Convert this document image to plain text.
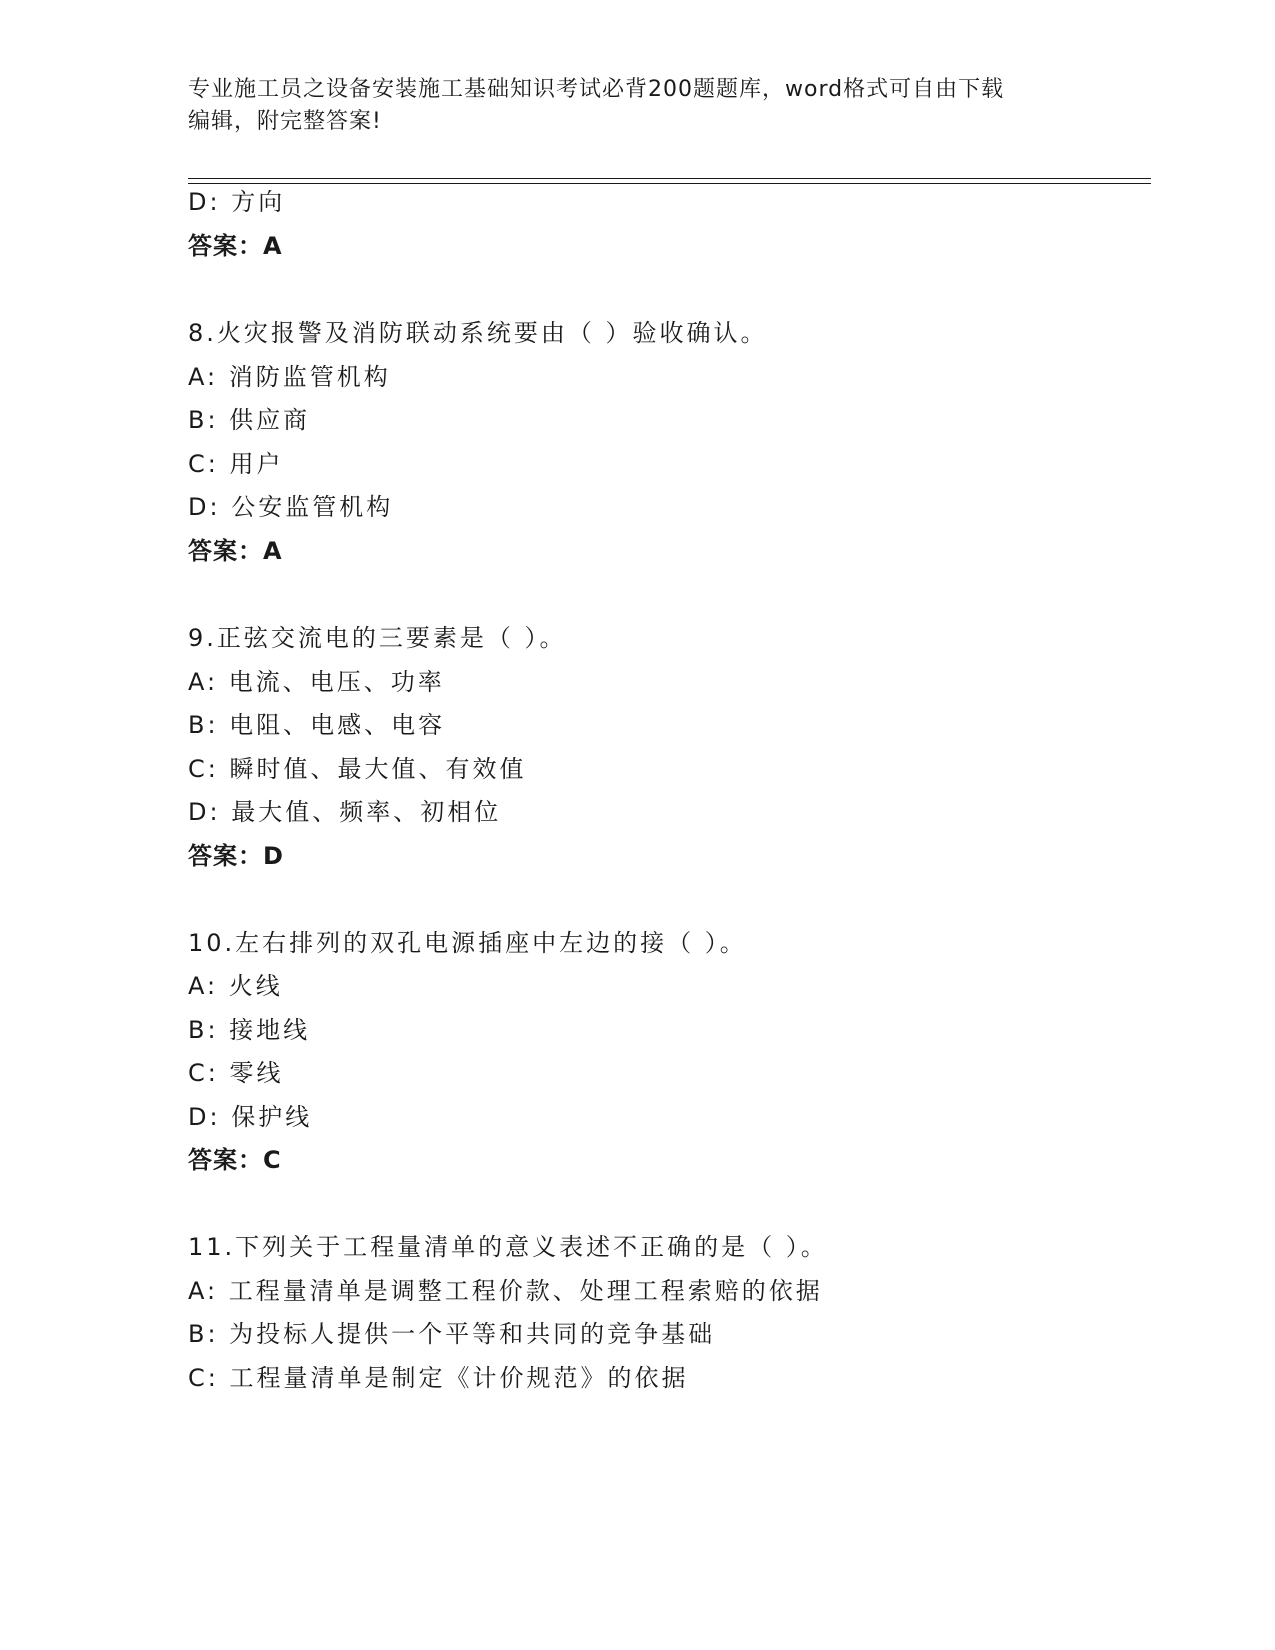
专业施工员之设备安装施工基础知识考试必背200题题库，word格式可自由下载
编辑，附完整答案!
D: 方向
答案：A
8.火灾报警及消防联动系统要由（ ）验收确认。
A: 消防监管机构
B: 供应商
C: 用户
D: 公安监管机构
答案：A
9.正弦交流电的三要素是（ ）。
A: 电流、电压、功率
B: 电阻、电感、电容
C: 瞬时值、最大值、有效值
D: 最大值、频率、初相位
答案：D
10.左右排列的双孔电源插座中左边的接（ ）。
A: 火线
B: 接地线
C: 零线
D: 保护线
答案：C
11.下列关于工程量清单的意义表述不正确的是（ ）。
A: 工程量清单是调整工程价款、处理工程索赔的依据
B: 为投标人提供一个平等和共同的竞争基础
C: 工程量清单是制定《计价规范》的依据
